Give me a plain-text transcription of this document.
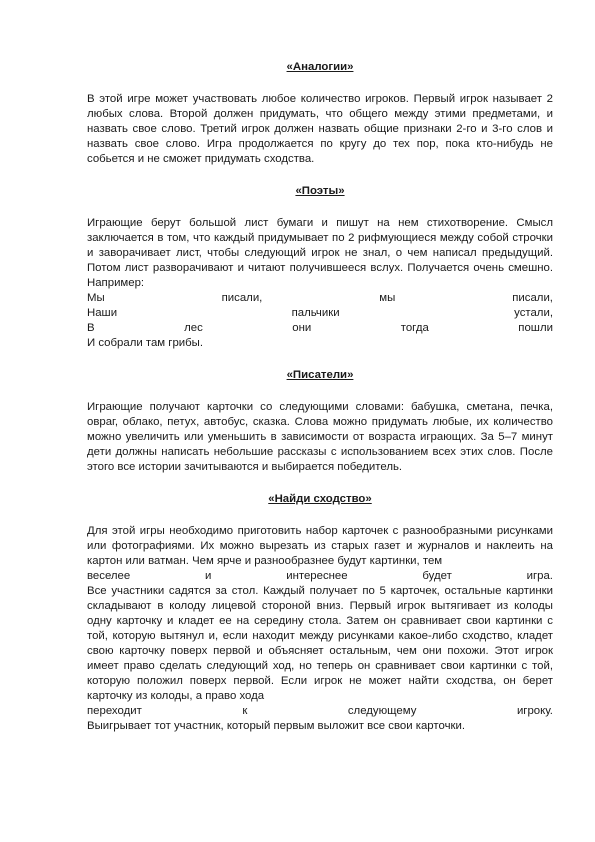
«Аналогии»

В этой игре может участвовать любое количество игроков. Первый игрок называет 2 любых слова. Второй должен придумать, что общего между этими предметами, и назвать свое слово. Третий игрок должен назвать общие признаки 2-го и 3-го слов и назвать свое слово. Игра продолжается по кругу до тех пор, пока кто-нибудь не собьется и не сможет придумать сходства.

«Поэты»

Играющие берут большой лист бумаги и пишут на нем стихотворение. Смысл заключается в том, что каждый придумывает по 2 рифмующиеся между собой строчки и заворачивает лист, чтобы следующий игрок не знал, о чем написал предыдущий. Потом лист разворачивают и читают получившееся вслух. Получается очень смешно. Например:

Мы	писали,	мы	писали,
Наши	пальчики	устали,
В	лес	они	тогда	пошли
И собрали там грибы.

«Писатели»

Играющие получают карточки со следующими словами: бабушка, сметана, печка, овраг, облако, петух, автобус, сказка. Слова можно придумать любые, их количество можно увеличить или уменьшить в зависимости от возраста играющих. За 5–7 минут дети должны написать небольшие рассказы с использованием всех этих слов. После этого все истории зачитываются и выбирается победитель.

«Найди сходство»

Для этой игры необходимо приготовить набор карточек с разнообразными рисунками или фотографиями. Их можно вырезать из старых газет и журналов и наклеить на картон или ватман. Чем ярче и разнообразнее будут картинки, тем

веселее	и	интереснее	будет	игра.

Все участники садятся за стол. Каждый получает по 5 карточек, остальные картинки складывают в колоду лицевой стороной вниз. Первый игрок вытягивает из колоды одну карточку и кладет ее на середину стола. Затем он сравнивает свои картинки с той, которую вытянул и, если находит между рисунками какое-либо сходство, кладет свою карточку поверх первой и объясняет остальным, чем они похожи. Этот игрок имеет право сделать следующий ход, но теперь он сравнивает свои картинки с той, которую положил поверх первой. Если игрок не может найти сходства, он берет карточку из колоды, а право хода

переходит	к	следующему	игроку.

Выигрывает тот участник, который первым выложит все свои карточки.
